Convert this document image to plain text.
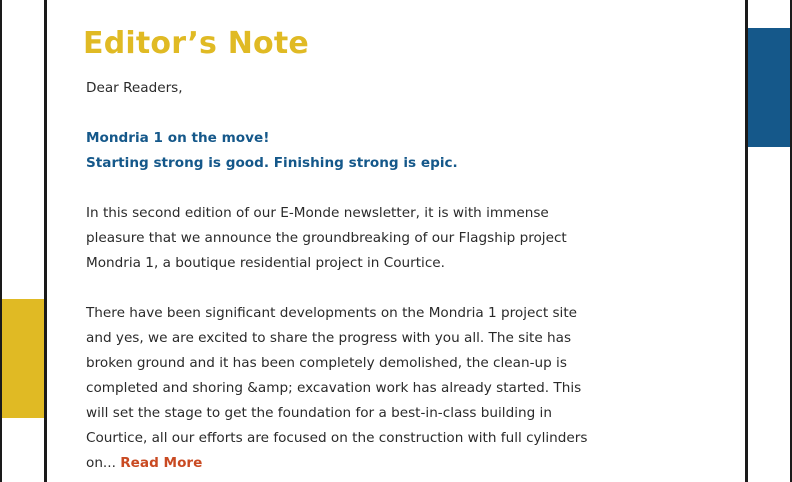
Editor’s Note

Dear Readers,

Mondria 1 on the move!
Starting strong is good. Finishing strong is epic.

In this second edition of our E-Monde newsletter, it is with immense
pleasure that we announce the groundbreaking of our Flagship project
Mondria 1, a boutique residential project in Courtice.

There have been significant developments on the Mondria 1 project site
and yes, we are excited to share the progress with you all. The site has
broken ground and it has been completely demolished, the clean-up is
completed and shoring &amp; excavation work has already started. This
will set the stage to get the foundation for a best-in-class building in
Courtice, all our efforts are focused on the construction with full cylinders
on... Read More
